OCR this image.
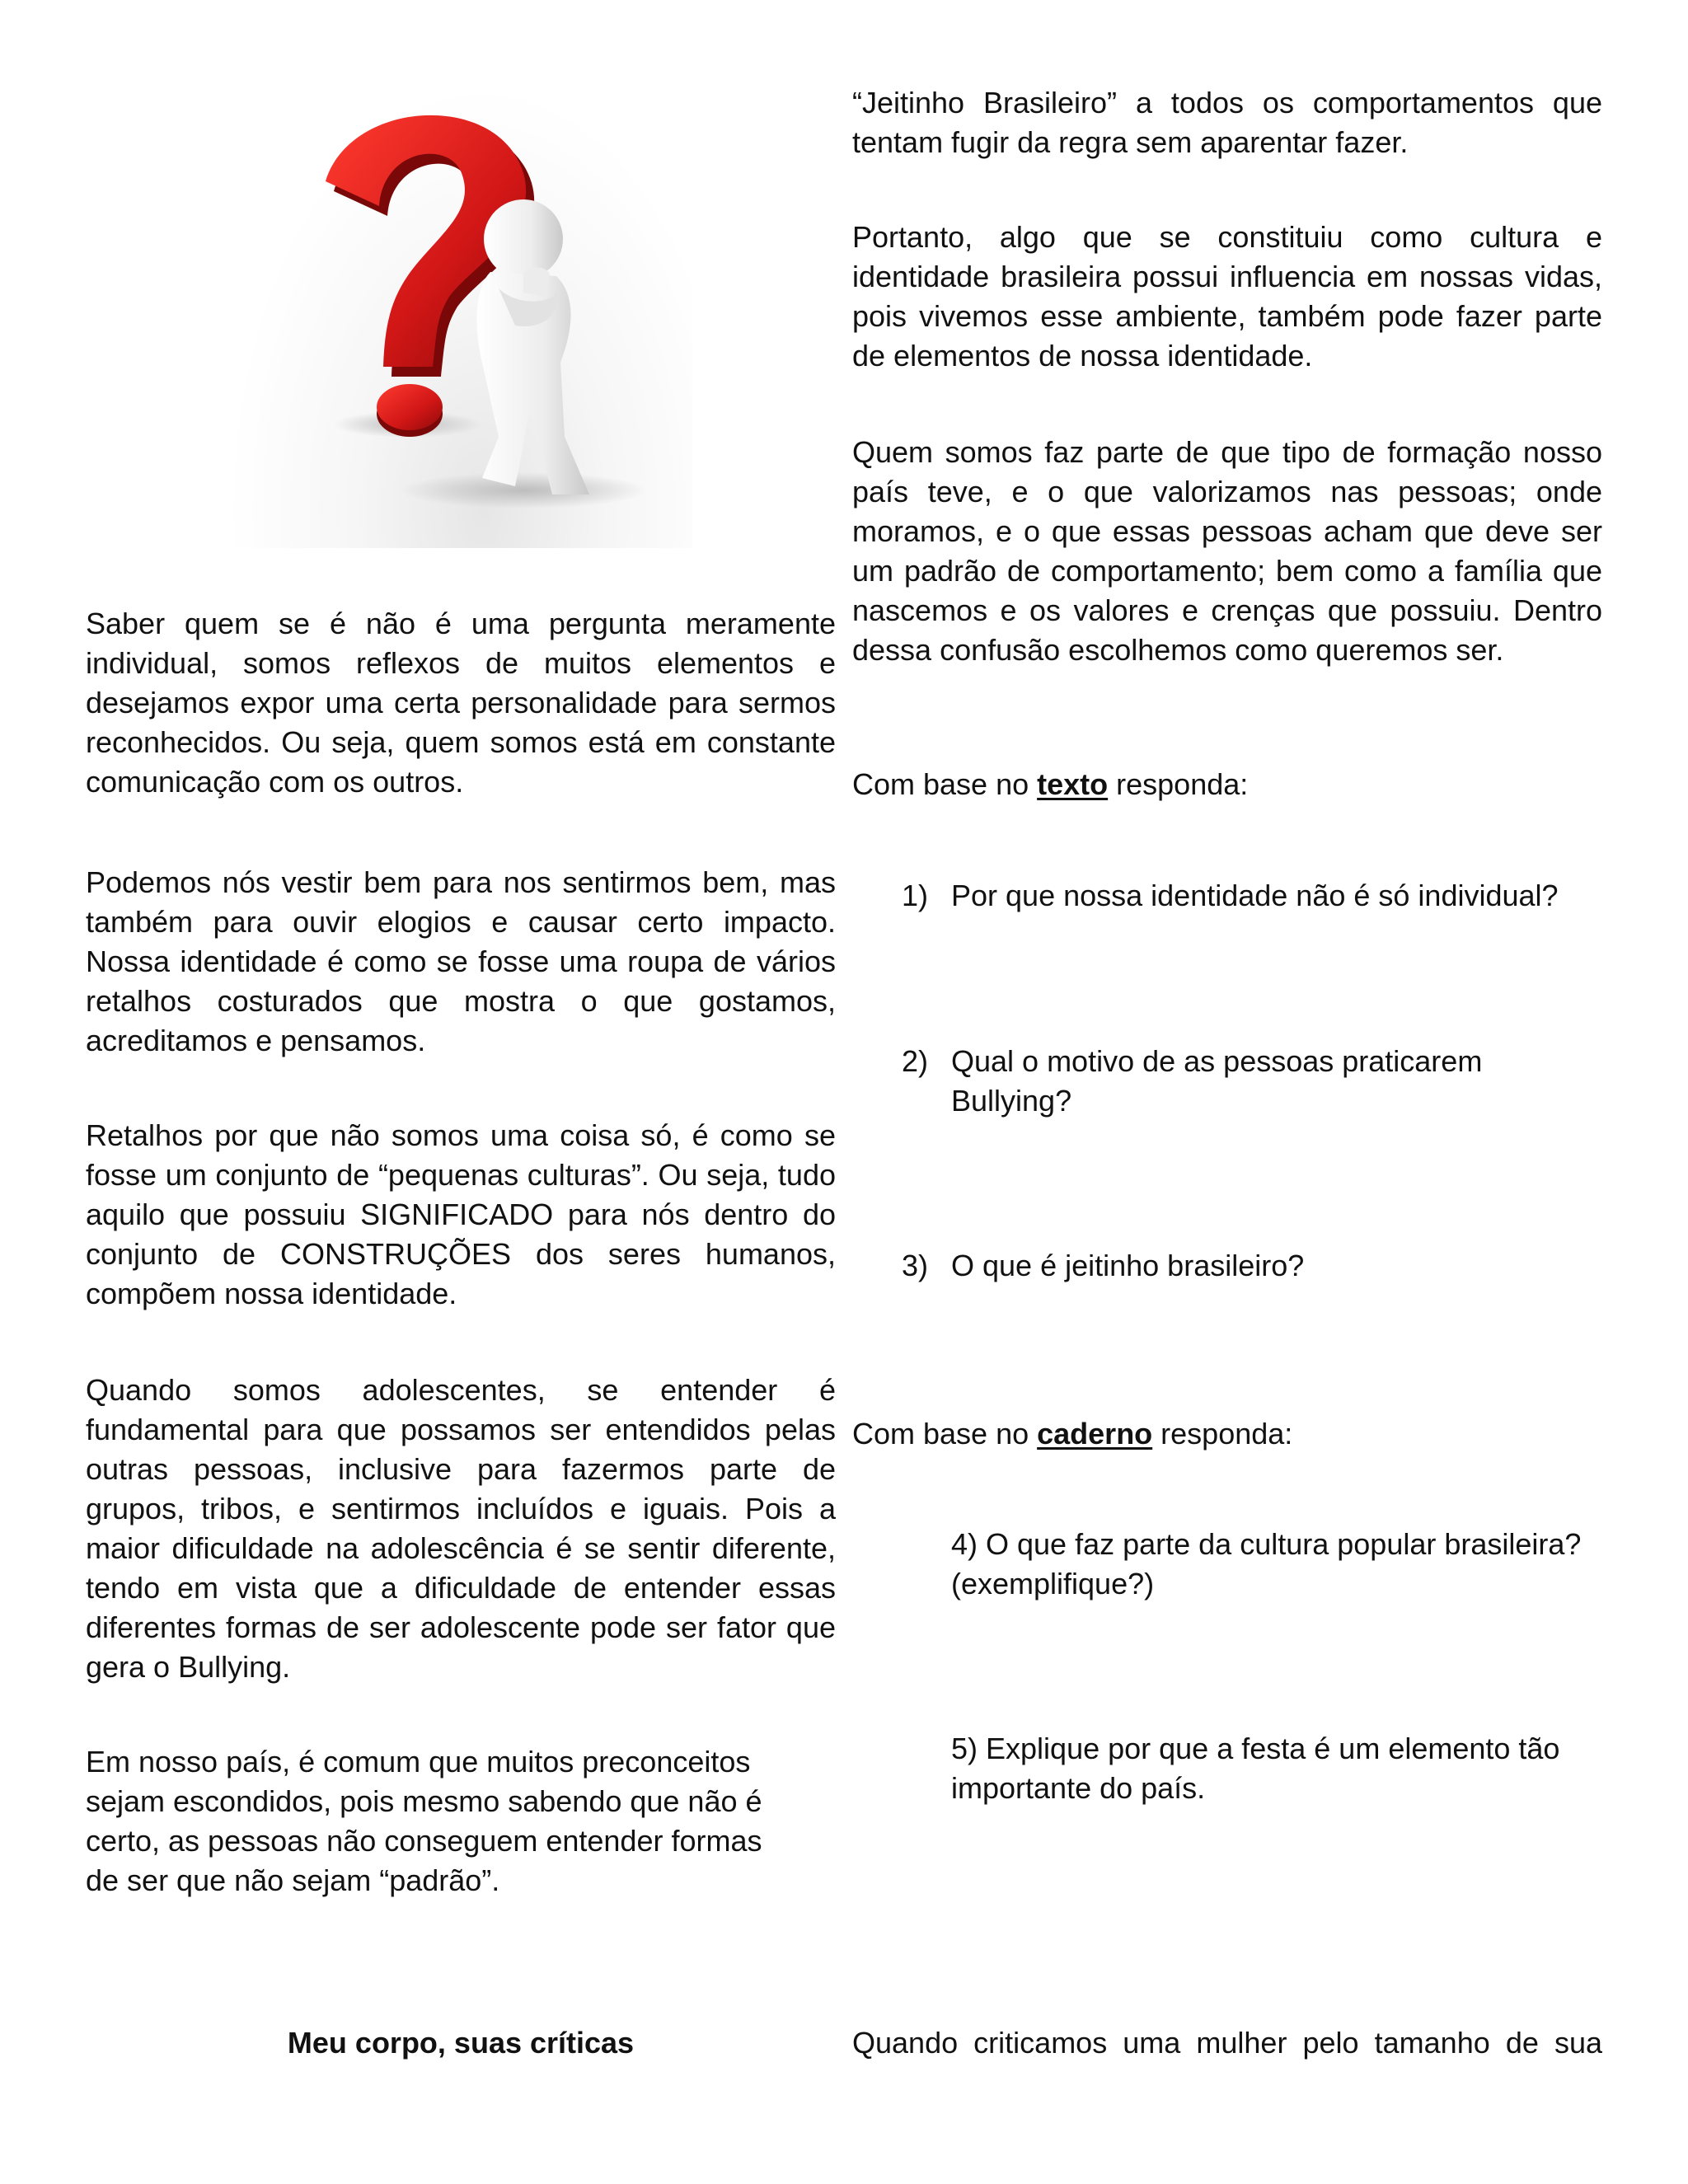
Saber quem se é não é uma pergunta meramente individual, somos reflexos de muitos elementos e desejamos expor uma certa personalidade para sermos reconhecidos. Ou seja, quem somos está em constante comunicação com os outros.

Podemos nós vestir bem para nos sentirmos bem, mas também para ouvir elogios e causar certo impacto. Nossa identidade é como se fosse uma roupa de vários retalhos costurados que mostra o que gostamos, acreditamos e pensamos.

Retalhos por que não somos uma coisa só, é como se fosse um conjunto de “pequenas culturas”. Ou seja, tudo aquilo que possuiu SIGNIFICADO para nós dentro do conjunto de CONSTRUÇÕES dos seres humanos, compõem nossa identidade.

Quando somos adolescentes, se entender é fundamental para que possamos ser entendidos pelas outras pessoas, inclusive para fazermos parte de grupos, tribos, e sentirmos incluídos e iguais. Pois a maior dificuldade na adolescência é se sentir diferente, tendo em vista que a dificuldade de entender essas diferentes formas de ser adolescente pode ser fator que gera o Bullying.

Em nosso país, é comum que muitos preconceitos sejam escondidos, pois mesmo sabendo que não é certo, as pessoas não conseguem entender formas de ser que não sejam “padrão”.

Meu corpo, suas críticas

“Jeitinho Brasileiro” a todos os comportamentos que tentam fugir da regra sem aparentar fazer.

Portanto, algo que se constituiu como cultura e identidade brasileira possui influencia em nossas vidas, pois vivemos esse ambiente, também pode fazer parte de elementos de nossa identidade.

Quem somos faz parte de que tipo de formação nosso país teve, e o que valorizamos nas pessoas; onde moramos, e o que essas pessoas acham que deve ser um padrão de comportamento; bem como a família que nascemos e os valores e crenças que possuiu. Dentro dessa confusão escolhemos como queremos ser.

Com base no texto responda:

1) Por que nossa identidade não é só individual?
2) Qual o motivo de as pessoas praticarem Bullying?
3) O que é jeitinho brasileiro?

Com base no caderno responda:

4) O que faz parte da cultura popular brasileira? (exemplifique?)
5) Explique por que a festa é um elemento tão importante do país.

Quando criticamos uma mulher pelo tamanho de sua
